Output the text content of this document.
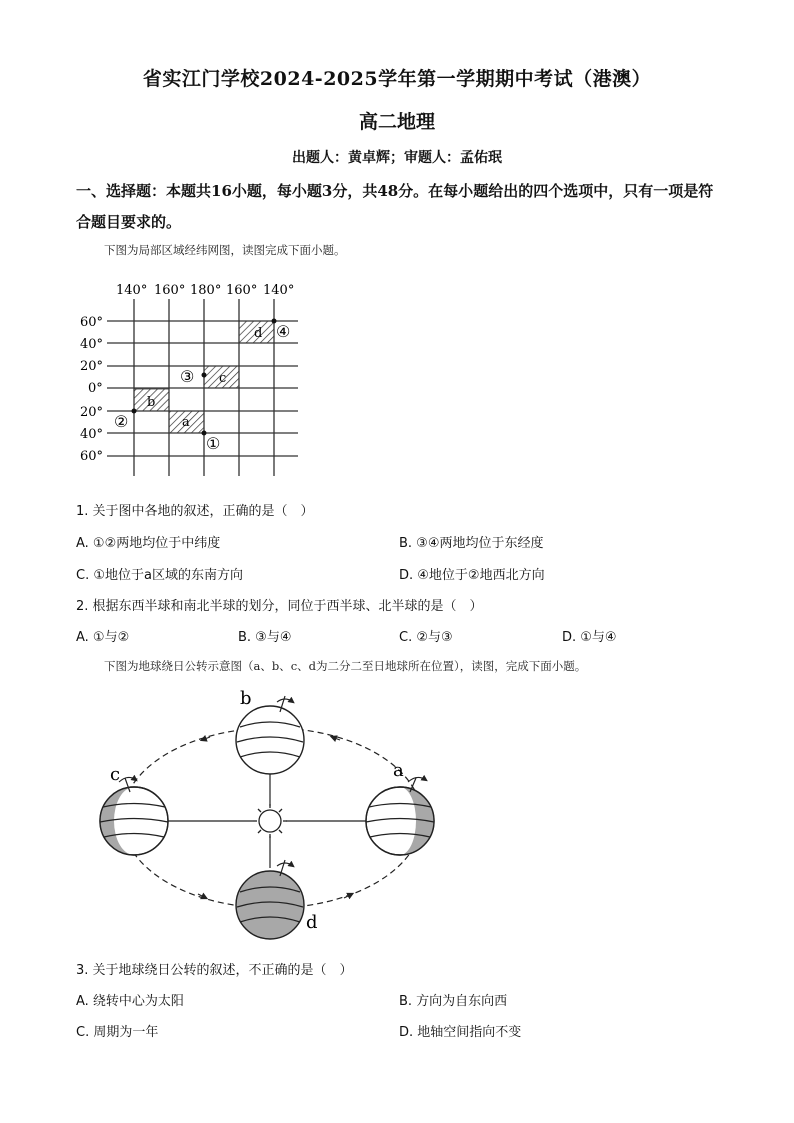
省实江门学校2024-2025学年第一学期期中考试（港澳）
高二地理
出题人：黄卓辉；审题人：孟佑珉
一、选择题：本题共16小题，每小题3分，共48分。在每小题给出的四个选项中，只有一项是符合题目要求的。
下图为局部区域经纬网图，读图完成下面小题。
140° 160° 180° 160° 140°
60°
40°
20°
0°
20°
40°
60°
b
a
c
d
①
②
③
④
1. 关于图中各地的叙述，正确的是（　）
A. ①②两地均位于中纬度	B. ③④两地均位于东经度
C. ①地位于a区域的东南方向	D. ④地位于②地西北方向
2. 根据东西半球和南北半球的划分，同位于西半球、北半球的是（　）
A. ①与②	B. ③与④	C. ②与③	D. ①与④
下图为地球绕日公转示意图（a、b、c、d为二分二至日地球所在位置），读图，完成下面小题。
b
c	a
d
3. 关于地球绕日公转的叙述，不正确的是（　）
A. 绕转中心为太阳	B. 方向为自东向西
C. 周期为一年	D. 地轴空间指向不变
